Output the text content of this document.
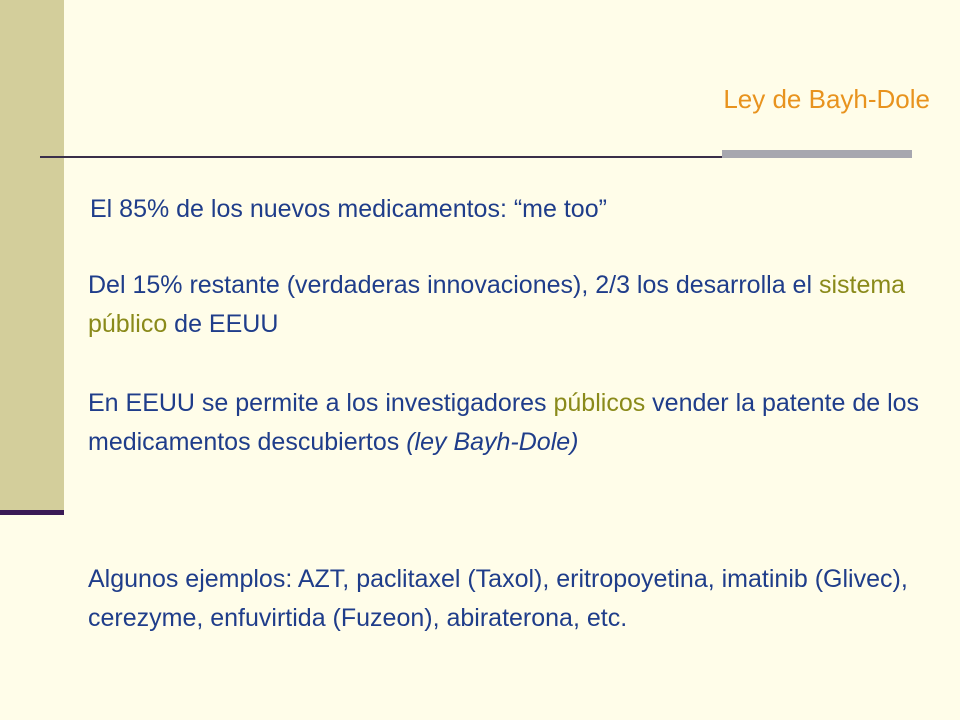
Ley de Bayh-Dole
El 85% de los nuevos medicamentos: “me too”
Del 15% restante (verdaderas innovaciones), 2/3 los desarrolla el sistema público de EEUU
En EEUU se permite a los investigadores públicos vender la patente de los medicamentos descubiertos (ley Bayh-Dole)
Algunos ejemplos: AZT, paclitaxel (Taxol), eritropoyetina, imatinib (Glivec), cerezyme, enfuvirtida (Fuzeon), abiraterona, etc.
